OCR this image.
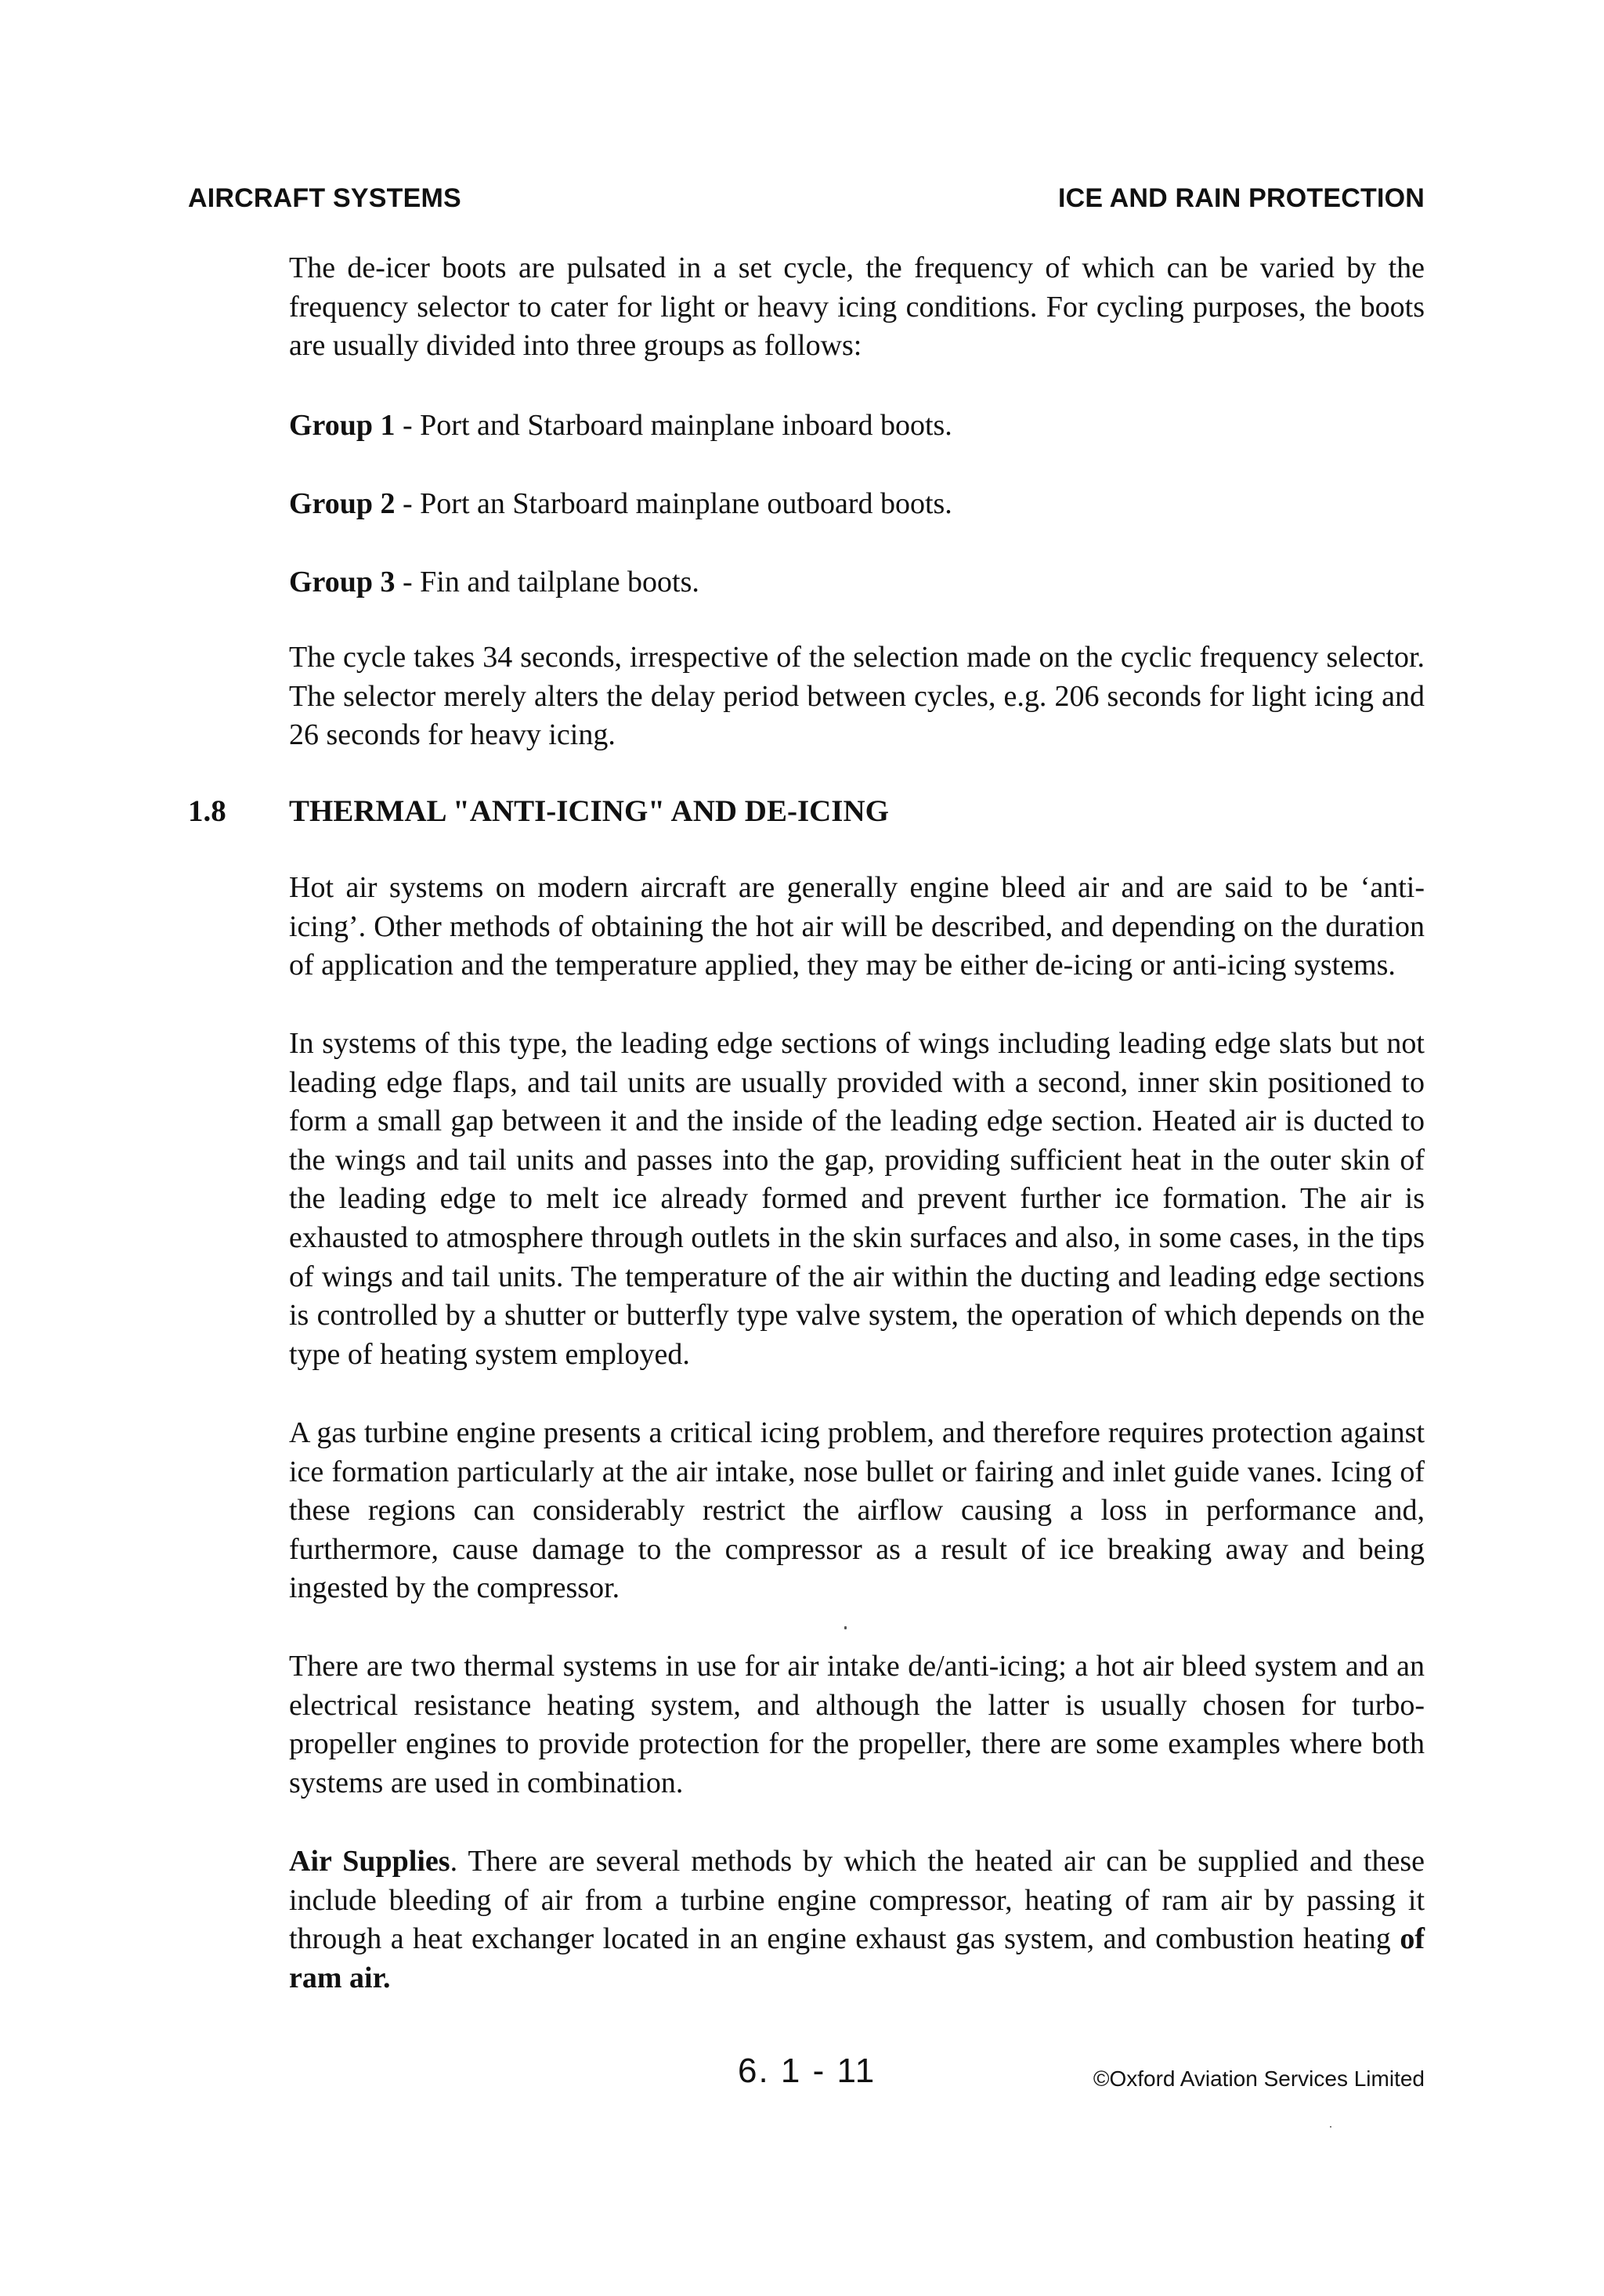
AIRCRAFT SYSTEMS	ICE AND RAIN PROTECTION

The de-icer boots are pulsated in a set cycle, the frequency of which can be varied by the frequency selector to cater for light or heavy icing conditions. For cycling purposes, the boots are usually divided into three groups as follows:

Group 1 - Port and Starboard mainplane inboard boots.
Group 2 - Port an Starboard mainplane outboard boots.
Group 3 - Fin and tailplane boots.

The cycle takes 34 seconds, irrespective of the selection made on the cyclic frequency selector. The selector merely alters the delay period between cycles, e.g. 206 seconds for light icing and 26 seconds for heavy icing.

1.8 THERMAL "ANTI-ICING" AND DE-ICING

Hot air systems on modern aircraft are generally engine bleed air and are said to be ‘anti-icing’. Other methods of obtaining the hot air will be described, and depending on the duration of application and the temperature applied, they may be either de-icing or anti-icing systems.

In systems of this type, the leading edge sections of wings including leading edge slats but not leading edge flaps, and tail units are usually provided with a second, inner skin positioned to form a small gap between it and the inside of the leading edge section. Heated air is ducted to the wings and tail units and passes into the gap, providing sufficient heat in the outer skin of the leading edge to melt ice already formed and prevent further ice formation. The air is exhausted to atmosphere through outlets in the skin surfaces and also, in some cases, in the tips of wings and tail units. The temperature of the air within the ducting and leading edge sections is controlled by a shutter or butterfly type valve system, the operation of which depends on the type of heating system employed.

A gas turbine engine presents a critical icing problem, and therefore requires protection against ice formation particularly at the air intake, nose bullet or fairing and inlet guide vanes. Icing of these regions can considerably restrict the airflow causing a loss in performance and, furthermore, cause damage to the compressor as a result of ice breaking away and being ingested by the compressor.

There are two thermal systems in use for air intake de/anti-icing; a hot air bleed system and an electrical resistance heating system, and although the latter is usually chosen for turbo-propeller engines to provide protection for the propeller, there are some examples where both systems are used in combination.

Air Supplies. There are several methods by which the heated air can be supplied and these include bleeding of air from a turbine engine compressor, heating of ram air by passing it through a heat exchanger located in an engine exhaust gas system, and combustion heating of ram air.

6. 1 - 11	©Oxford Aviation Services Limited
